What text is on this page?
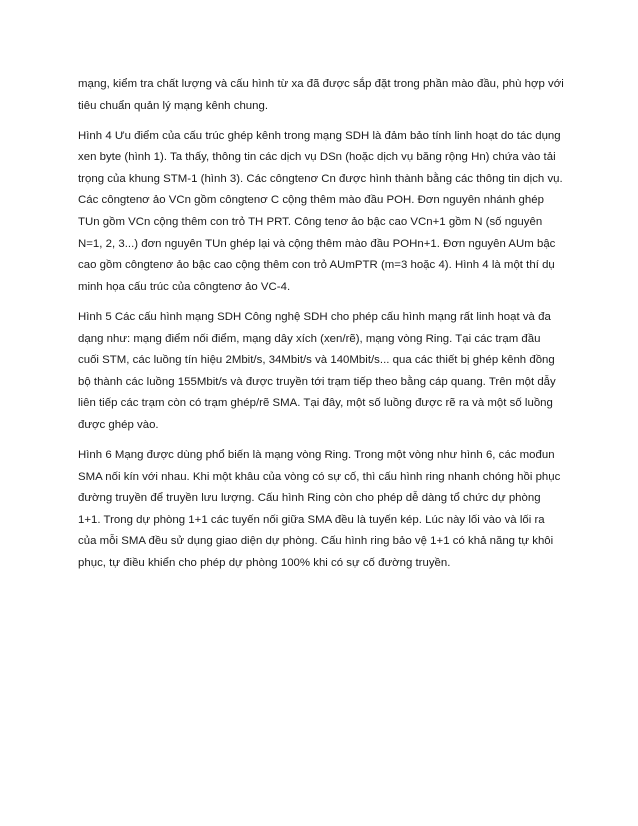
mạng, kiểm tra chất lượng và cấu hình từ xa đã được sắp đặt trong phần mào đầu, phù hợp với tiêu chuẩn quản lý mạng kênh chung.

Hình 4 Ưu điểm của cấu trúc ghép kênh trong mạng SDH là đảm bảo tính linh hoạt do tác dụng xen byte (hình 1). Ta thấy, thông tin các dịch vụ DSn (hoặc dịch vụ băng rộng Hn) chứa vào tải trọng của khung STM-1 (hình 3). Các côngtenơ Cn được hình thành bằng các thông tin dịch vụ. Các côngtenơ ảo VCn gồm côngtenơ C cộng thêm mào đầu POH. Đơn nguyên nhánh ghép TUn gồm VCn cộng thêm con trỏ TH PRT. Công tenơ ảo bậc cao VCn+1 gồm N (số nguyên N=1, 2, 3...) đơn nguyên TUn ghép lại và cộng thêm mào đầu POHn+1. Đơn nguyên AUm bậc cao gồm côngtenơ ảo bậc cao cộng thêm con trỏ AUmPTR (m=3 hoặc 4). Hình 4 là một thí dụ minh họa cấu trúc của côngtenơ ảo VC-4.

Hình 5 Các cấu hình mạng SDH Công nghệ SDH cho phép cấu hình mạng rất linh hoạt và đa dạng như: mạng điểm nối điểm, mạng dây xích (xen/rẽ), mạng vòng Ring. Tại các trạm đầu cuối STM, các luồng tín hiệu 2Mbit/s, 34Mbit/s và 140Mbit/s... qua các thiết bị ghép kênh đồng bộ thành các luồng 155Mbit/s và được truyền tới trạm tiếp theo bằng cáp quang. Trên một dẫy liên tiếp các trạm còn có trạm ghép/rẽ SMA. Tại đây, một số luồng được rẽ ra và một số luồng được ghép vào.

Hình 6 Mạng được dùng phổ biến là mạng vòng Ring. Trong một vòng như hình 6, các mođun SMA nối kín với nhau. Khi một khâu của vòng có sự cố, thì cấu hình ring nhanh chóng hồi phục đường truyền để truyền lưu lượng. Cấu hình Ring còn cho phép dễ dàng tổ chức dự phòng 1+1. Trong dự phòng 1+1 các tuyến nối giữa SMA đều là tuyến kép. Lúc này lối vào và lối ra của mỗi SMA đều sử dụng giao diện dự phòng. Cấu hình ring bảo vệ 1+1 có khả năng tự khôi phục, tự điều khiển cho phép dự phòng 100% khi có sự cố đường truyền.
